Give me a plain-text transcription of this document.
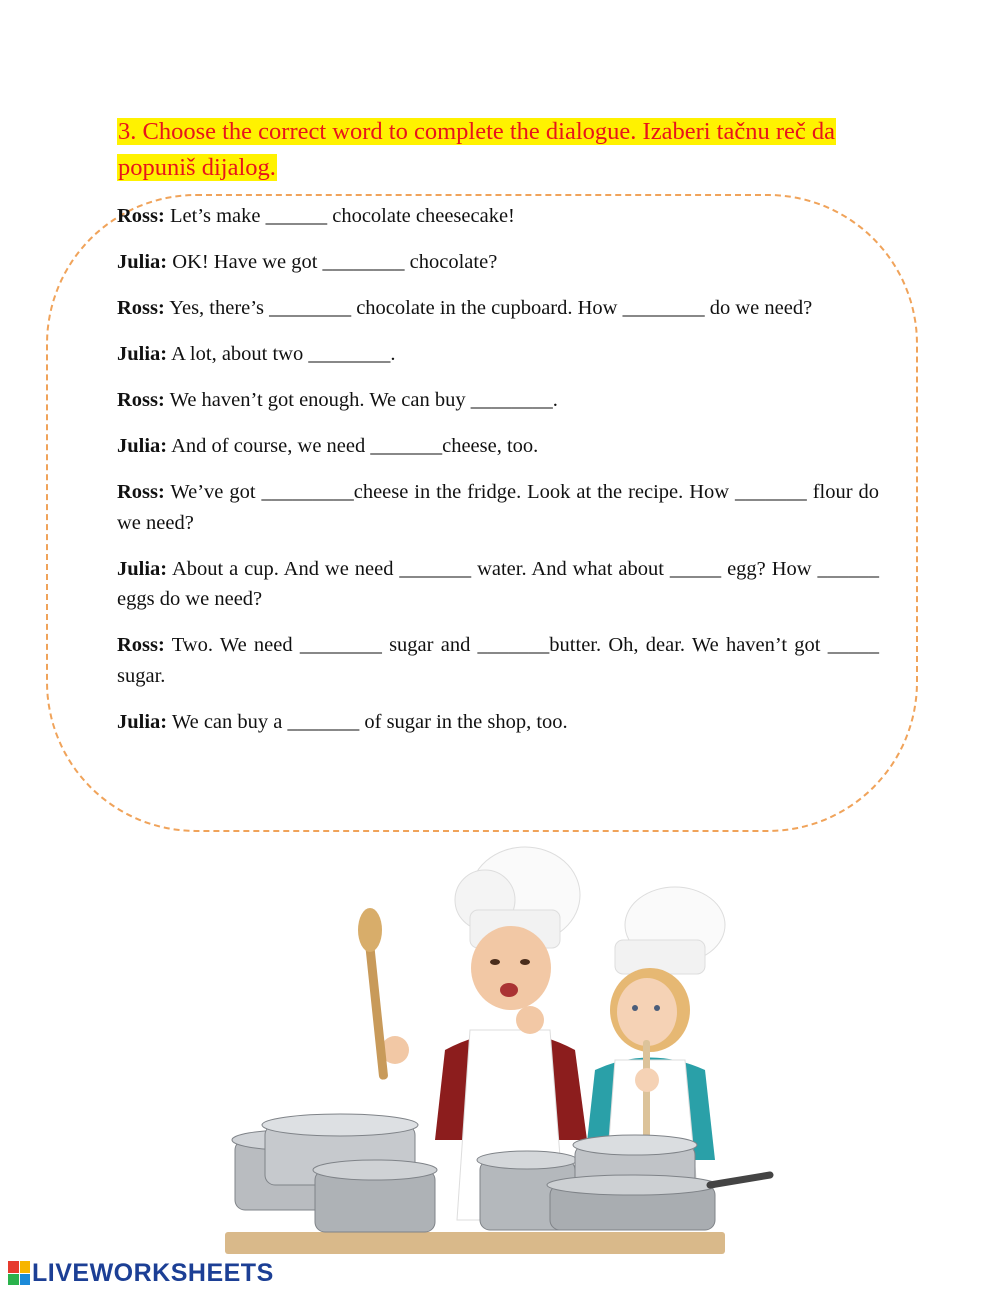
3. Choose the correct word to complete the dialogue. Izaberi tačnu reč da popuniš dijalog.

Ross: Let’s make ______ chocolate cheesecake!

Julia: OK! Have we got ________ chocolate?

Ross: Yes, there’s ________ chocolate in the cupboard. How ________ do we need?

Julia: A lot, about two ________.

Ross: We haven’t got enough. We can buy ________.

Julia: And of course, we need _______cheese, too.

Ross: We’ve got _________cheese in the fridge. Look at the recipe. How _______ flour do we need?

Julia: About a cup. And we need _______ water. And what about _____ egg? How ______ eggs do we need?

Ross: Two. We need ________ sugar and _______butter. Oh, dear. We haven’t got _____ sugar.

Julia: We can buy a _______ of sugar in the shop, too.

LIVEWORKSHEETS
